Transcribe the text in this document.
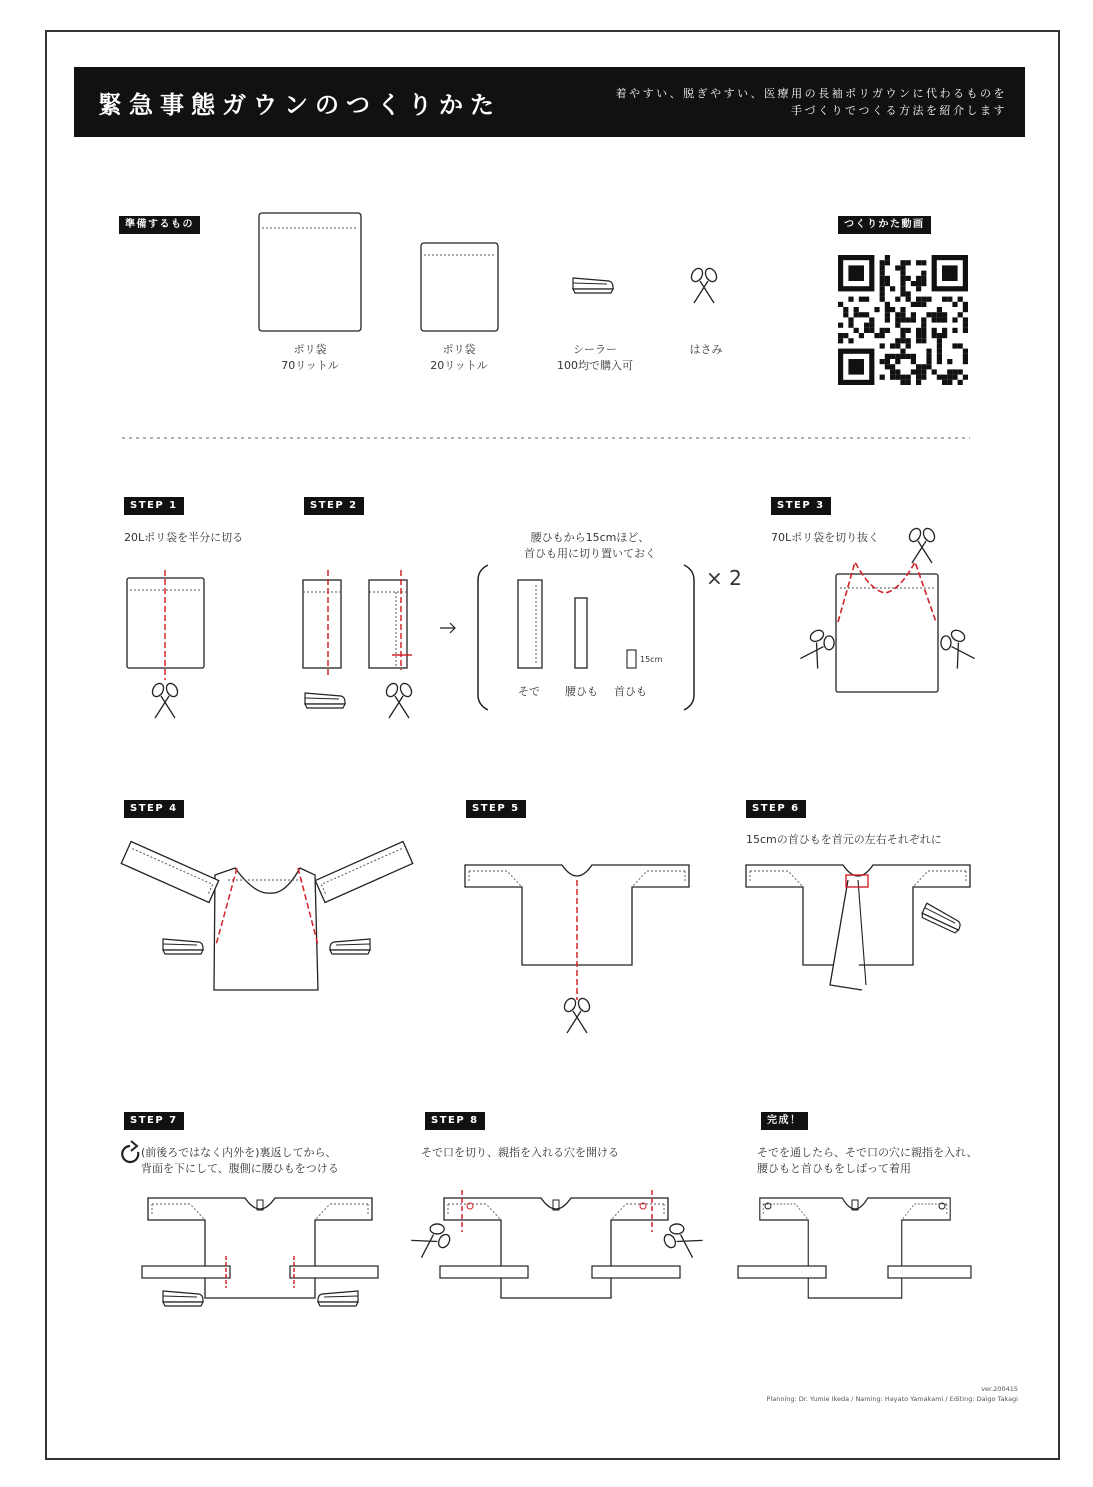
緊急事態ガウンのつくりかた	着やすい、脱ぎやすい、医療用の長袖ポリガウンに代わるものを
手づくりでつくる方法を紹介します
準備するもの	つくりかた動画
ポリ袋
70リットル
ポリ袋
20リットル
シーラー
100均で購入可
はさみ
STEP 1
20Lポリ袋を半分に切る
STEP 2
腰ひもから15cmほど、
首ひも用に切り置いておく
× 2
そで 腰ひも 首ひも
15cm
STEP 3
70Lポリ袋を切り抜く
STEP 4	STEP 5	STEP 6
15cmの首ひもを首元の左右それぞれに
STEP 7
(前後ろではなく内外を)裏返してから、
背面を下にして、腹側に腰ひもをつける
STEP 8
そで口を切り、親指を入れる穴を開ける
完成！
そでを通したら、そで口の穴に親指を入れ、
腰ひもと首ひもをしばって着用
ver.200415
Planning: Dr. Yumie Ikeda / Naming: Hayato Yamakami / Editing: Daigo Takagi
